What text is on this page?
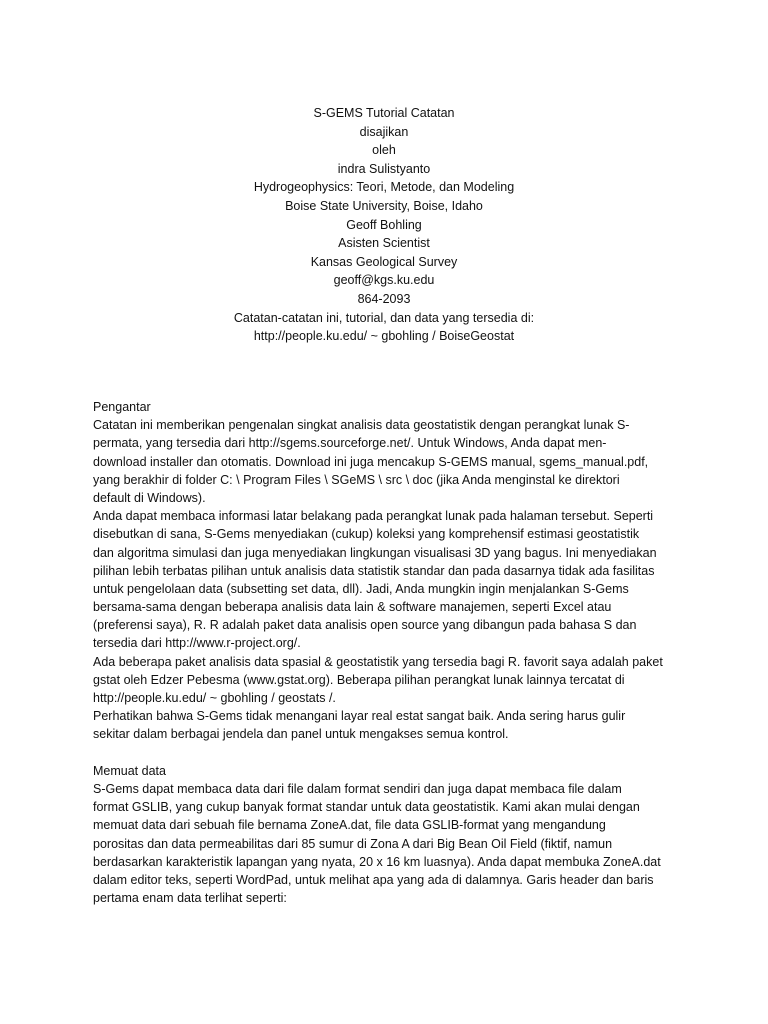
S-GEMS Tutorial Catatan
disajikan
oleh
indra Sulistyanto
Hydrogeophysics: Teori, Metode, dan Modeling
Boise State University, Boise, Idaho
Geoff Bohling
Asisten Scientist
Kansas Geological Survey
geoff@kgs.ku.edu
864-2093
Catatan-catatan ini, tutorial, dan data yang tersedia di:
http://people.ku.edu/ ~ gbohling / BoiseGeostat
Pengantar
Catatan ini memberikan pengenalan singkat analisis data geostatistik dengan perangkat lunak S-
permata, yang tersedia dari http://sgems.sourceforge.net/. Untuk Windows, Anda dapat men-
download installer dan otomatis. Download ini juga mencakup S-GEMS manual, sgems_manual.pdf,
yang berakhir di folder C: \ Program Files \ SGeMS \ src \ doc (jika Anda menginstal ke direktori
default di Windows).
Anda dapat membaca informasi latar belakang pada perangkat lunak pada halaman tersebut. Seperti
disebutkan di sana, S-Gems menyediakan (cukup) koleksi yang komprehensif estimasi geostatistik
dan algoritma simulasi dan juga menyediakan lingkungan visualisasi 3D yang bagus. Ini menyediakan
pilihan lebih terbatas pilihan untuk analisis data statistik standar dan pada dasarnya tidak ada fasilitas
untuk pengelolaan data (subsetting set data, dll). Jadi, Anda mungkin ingin menjalankan S-Gems
bersama-sama dengan beberapa analisis data lain & software manajemen, seperti Excel atau
(preferensi saya), R. R adalah paket data analisis open source yang dibangun pada bahasa S dan
tersedia dari http://www.r-project.org/.
Ada beberapa paket analisis data spasial & geostatistik yang tersedia bagi R. favorit saya adalah paket
gstat oleh Edzer Pebesma (www.gstat.org). Beberapa pilihan perangkat lunak lainnya tercatat di
http://people.ku.edu/ ~ gbohling / geostats /.
Perhatikan bahwa S-Gems tidak menangani layar real estat sangat baik. Anda sering harus gulir
sekitar dalam berbagai jendela dan panel untuk mengakses semua kontrol.
Memuat data
S-Gems dapat membaca data dari file dalam format sendiri dan juga dapat membaca file dalam
format GSLIB, yang cukup banyak format standar untuk data geostatistik. Kami akan mulai dengan
memuat data dari sebuah file bernama ZoneA.dat, file data GSLIB-format yang mengandung
porositas dan data permeabilitas dari 85 sumur di Zona A dari Big Bean Oil Field (fiktif, namun
berdasarkan karakteristik lapangan yang nyata, 20 x 16 km luasnya). Anda dapat membuka ZoneA.dat
dalam editor teks, seperti WordPad, untuk melihat apa yang ada di dalamnya. Garis header dan baris
pertama enam data terlihat seperti:
